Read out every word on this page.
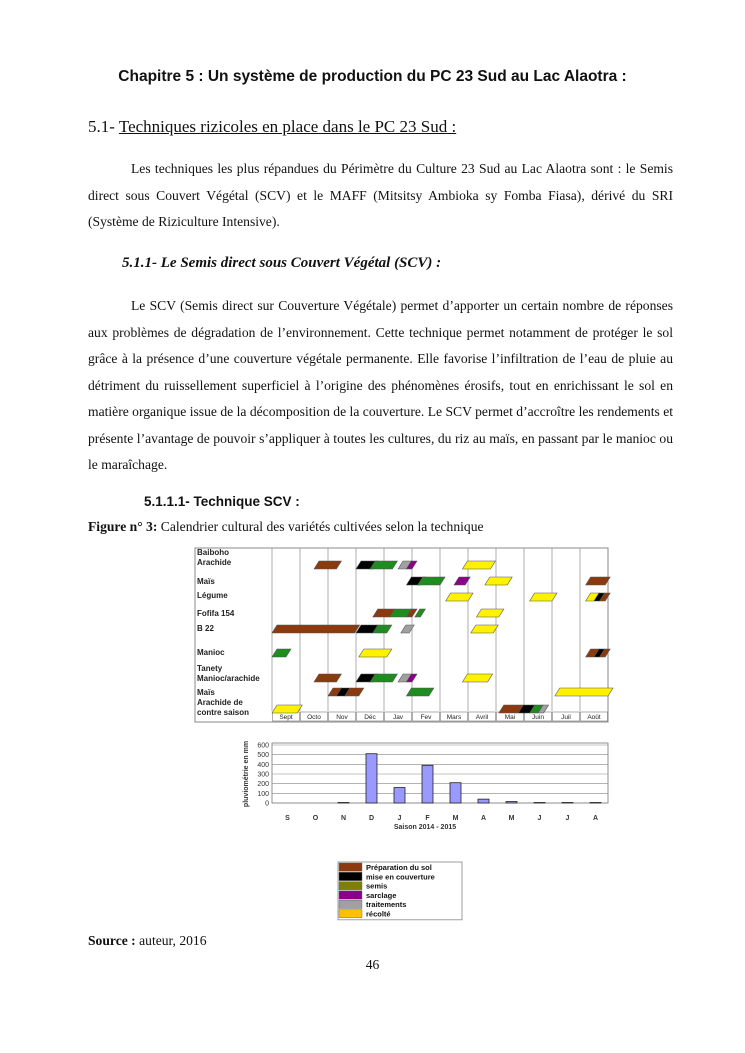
Chapitre 5 : Un système de production du PC 23 Sud au Lac Alaotra :
5.1- Techniques rizicoles en place dans le PC 23 Sud :

Les techniques les plus répandues du Périmètre du Culture 23 Sud au Lac Alaotra sont : le Semis direct sous Couvert Végétal (SCV) et le MAFF (Mitsitsy Ambioka sy Fomba Fiasa), dérivé du SRI (Système de Riziculture Intensive).

5.1.1- Le Semis direct sous Couvert Végétal (SCV) :

Le SCV (Semis direct sur Couverture Végétale) permet d’apporter un certain nombre de réponses aux problèmes de dégradation de l’environnement. Cette technique permet notamment de protéger le sol grâce à la présence d’une couverture végétale permanente. Elle favorise l’infiltration de l’eau de pluie au détriment du ruissellement superficiel à l’origine des phénomènes érosifs, tout en enrichissant le sol en matière organique issue de la décomposition de la couverture. Le SCV permet d’accroître les rendements et présente l’avantage de pouvoir s’appliquer à toutes les cultures, du riz au maïs, en passant par le manioc ou le maraîchage.

5.1.1.1- Technique SCV :
Figure n° 3: Calendrier cultural des variétés cultivées selon la technique
Sept Octo Nov	Déc	Jav	Fev Mars Avril	Mai	Juin	Juil	Août
Baiboho
Arachide
Maïs
Légume
Fofifa 154
B 22
Manioc
Tanety
Manioc/arachide
Maïs
Arachide de contre saison
0
100
200
300
400
500
600
S	O	N	D	J	F	M	A	M	J	J	A
Saison 2014 - 2015
pluviométrie en mm
Préparation du sol
mise en couverture
semis
sarclage
traitements
récolté
Source : auteur, 2016
46
